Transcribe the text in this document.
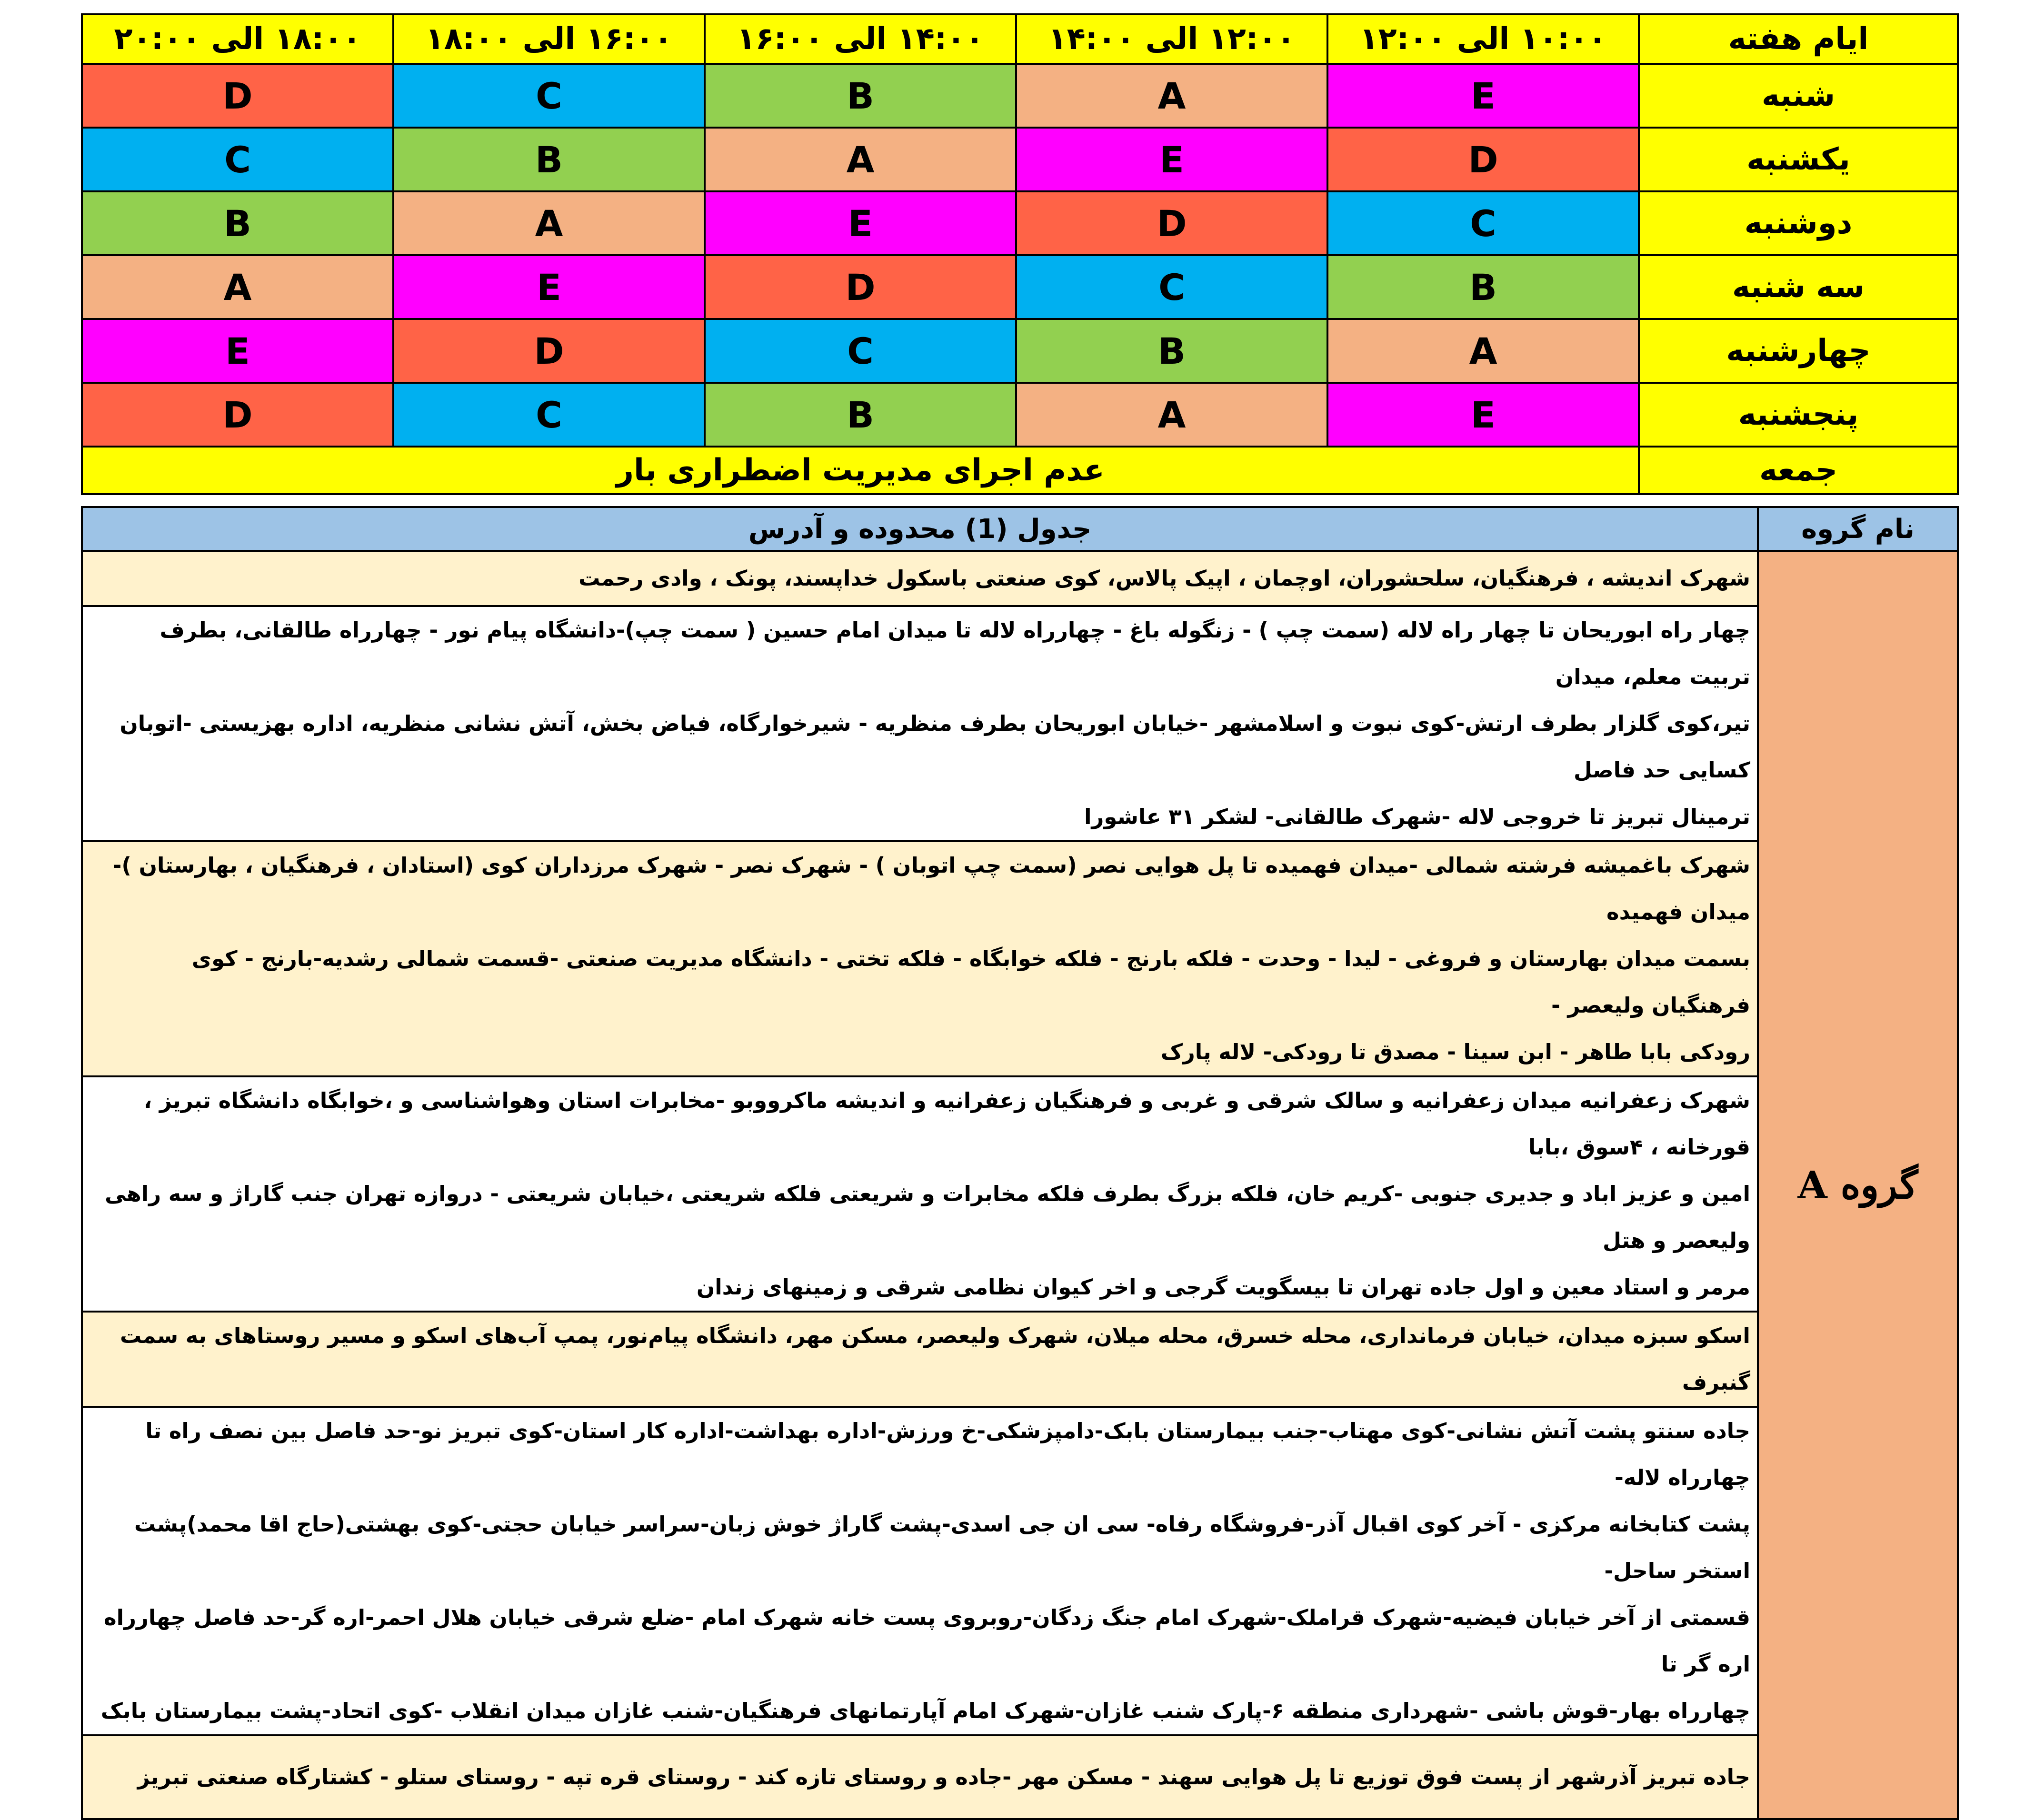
ایام هفته	۱۰:۰۰ الی ۱۲:۰۰	۱۲:۰۰ الی ۱۴:۰۰	۱۴:۰۰ الی ۱۶:۰۰	۱۶:۰۰ الی ۱۸:۰۰	۱۸:۰۰ الی ۲۰:۰۰
شنبه	E	A	B	C	D
یکشنبه	D	E	A	B	C
دوشنبه	C	D	E	A	B
سه شنبه	B	C	D	E	A
چهارشنبه	A	B	C	D	E
پنجشنبه	E	A	B	C	D
جمعه	عدم اجرای مدیریت اضطراری بار				
نام گروه	جدول (1) محدوده و آدرس
گروه A	شهرک اندیشه ، فرهنگیان، سلحشوران، اوچمان ، اپیک پالاس، کوی صنعتی باسکول خداپسند، پونک ، وادی رحمت

	چهار راه ابوریحان تا چهار راه لاله (سمت چپ ) - زنگوله باغ - چهارراه لاله تا میدان امام حسین ( سمت چپ)-دانشگاه پیام نور - چهارراه طالقانی، بطرف تربیت معلم، میدان
تیر،کوی گلزار بطرف ارتش-کوی نبوت و اسلامشهر -خیابان ابوریحان بطرف منظریه - شیرخوارگاه، فیاض بخش، آتش نشانی منظریه، اداره بهزیستی -اتوبان کسایی حد فاصل
ترمینال تبریز تا خروجی لاله -شهرک طالقانی- لشکر ۳۱ عاشورا

	شهرک باغمیشه فرشته شمالی -میدان فهمیده تا پل هوایی نصر (سمت چپ اتوبان ) - شهرک نصر - شهرک مرزداران کوی (استادان ، فرهنگیان ، بهارستان )-میدان فهمیده
بسمت میدان بهارستان و فروغی - لیدا - وحدت - فلکه بارنج - فلکه خوابگاه - فلکه تختی - دانشگاه مدیریت صنعتی -قسمت شمالی رشدیه-بارنج - کوی فرهنگیان ولیعصر -
رودکی بابا طاهر - ابن سینا - مصدق تا رودکی- لاله پارک

	شهرک زعفرانیه میدان زعفرانیه و سالک شرقی و غربی و فرهنگیان زعفرانیه و اندیشه ماکرووبو -مخابرات استان وهواشناسی و ،خوابگاه دانشگاه تبریز ، قورخانه ، ۴سوق ،بابا
امین و عزیز اباد و جدیری جنوبی -کریم خان، فلکه بزرگ بطرف فلکه مخابرات و شریعتی فلکه شریعتی ،خیابان شریعتی - دروازه تهران جنب گاراژ و سه راهی ولیعصر و هتل
مرمر و استاد معین و اول جاده تهران تا بیسگویت گرجی و اخر کیوان نظامی شرقی و زمینهای زندان

	اسکو سبزه میدان، خیابان فرمانداری، محله خسرق، محله میلان، شهرک ولیعصر، مسکن مهر، دانشگاه پیام‌نور، پمپ آب‌های اسکو و مسیر روستاهای به سمت گنبرف

	جاده سنتو پشت آتش نشانی-کوی مهتاب-جنب بیمارستان بابک-دامپزشکی-خ ورزش-اداره بهداشت-اداره کار استان-کوی تبریز نو-حد فاصل بین نصف راه تا چهارراه لاله-
پشت کتابخانه مرکزی - آخر کوی اقبال آذر-فروشگاه رفاه- سی ان جی اسدی-پشت گاراژ خوش زبان-سراسر خیابان حجتی-کوی بهشتی(حاج اقا محمد)پشت استخر ساحل-
قسمتی از آخر خیابان فیضیه-شهرک قراملک-شهرک امام جنگ زدگان-روبروی پست خانه شهرک امام -ضلع شرقی خیابان هلال احمر-اره گر-حد فاصل چهارراه اره گر تا
چهارراه بهار-قوش باشی -شهرداری منطقه ۶-پارک شنب غازان-شهرک امام آپارتمانهای فرهنگیان-شنب غازان میدان انقلاب -کوی اتحاد-پشت بیمارستان بابک

	جاده تبریز آذرشهر از پست فوق توزیع تا پل هوایی سهند - مسکن مهر -جاده و روستای تازه کند - روستای قره تپه - روستای ستلو - کشتارگاه صنعتی تبریز
